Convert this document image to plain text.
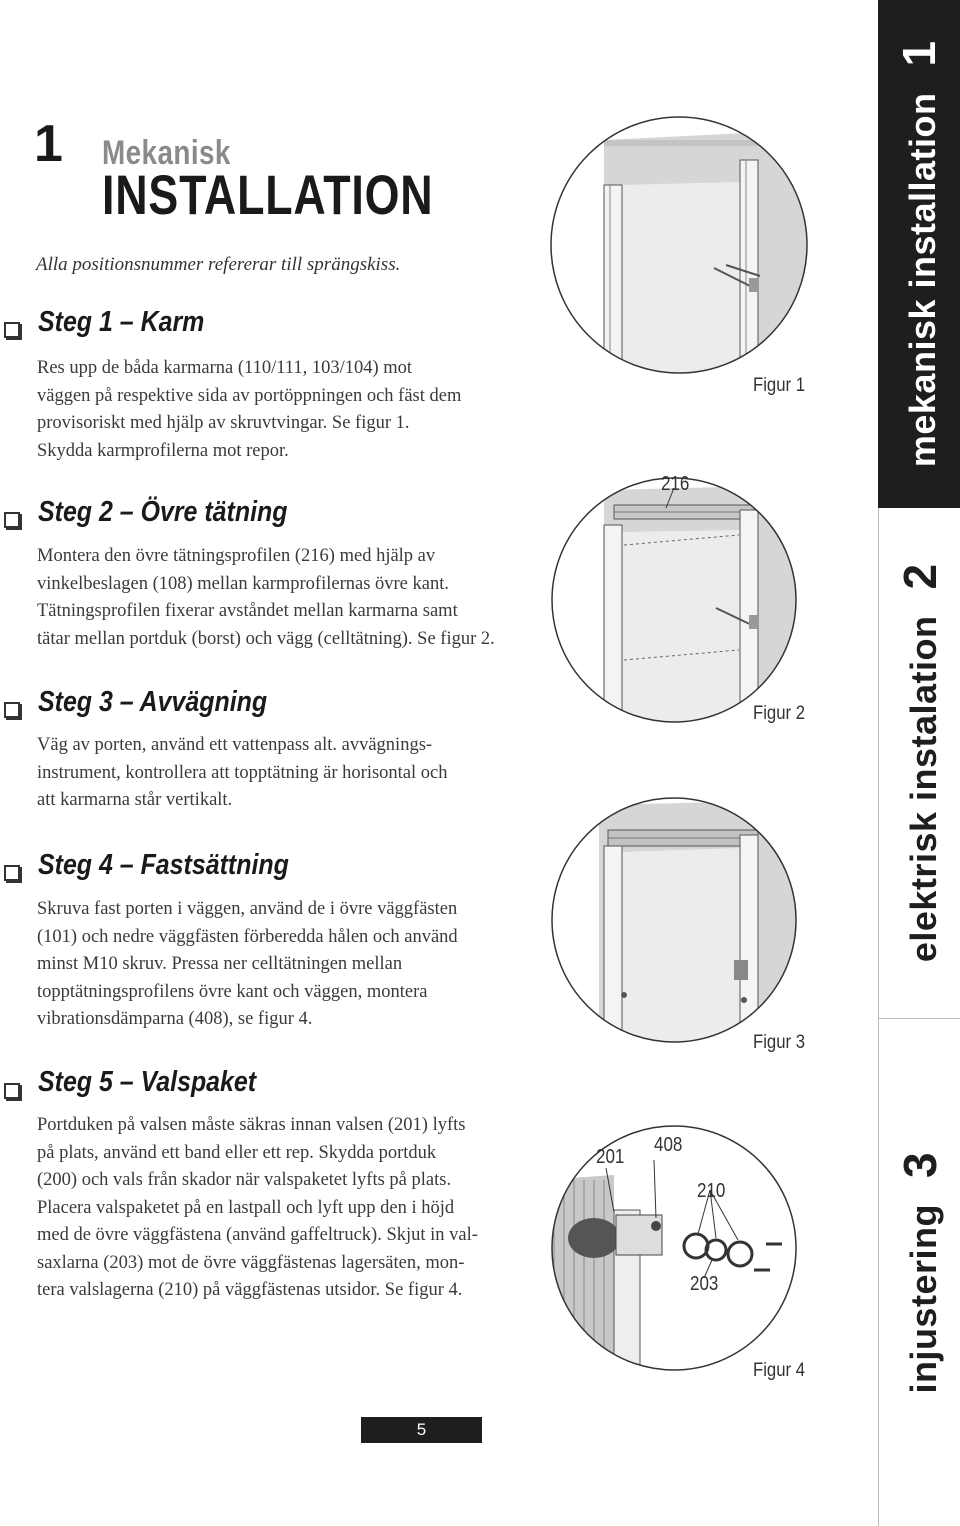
1 Mekanisk
INSTALLATION
Alla positionsnummer refererar till sprängskiss.
Steg 1 – Karm
Res upp de båda karmarna (110/111, 103/104) mot
väggen på respektive sida av portöppningen och fäst dem
provisoriskt med hjälp av skruvtvingar. Se figur 1.
Skydda karmprofilerna mot repor.
Steg 2 – Övre tätning
Montera den övre tätningsprofilen (216) med hjälp av
vinkelbeslagen (108) mellan karmprofilernas övre kant.
Tätningsprofilen fixerar avståndet mellan karmarna samt
tätar mellan portduk (borst) och vägg (celltätning). Se figur 2.
Steg 3 – Avvägning
Väg av porten, använd ett vattenpass alt. avvägnings-
instrument, kontrollera att topptätning är horisontal och
att karmarna står vertikalt.
Steg 4 – Fastsättning
Skruva fast porten i väggen, använd de i övre väggfästen
(101) och nedre väggfästen förberedda hålen och använd
minst M10 skruv. Pressa ner celltätningen mellan
topptätningsprofilens övre kant och väggen, montera
vibrationsdämparna (408), se figur 4.
Steg 5 – Valspaket
Portduken på valsen måste säkras innan valsen (201) lyfts
på plats, använd ett band eller ett rep. Skydda portduk
(200) och vals från skador när valspaketet lyfts på plats.
Placera valspaketet på en lastpall och lyft upp den i höjd
med de övre väggfästena (använd gaffeltruck). Skjut in val-
saxlarna (203) mot de övre väggfästenas lagersäten, mon-
tera valslagerna (210) på väggfästenas utsidor. Se figur 4.
Figur 1
216
Figur 2
Figur 3
201
408
210
203
Figur 4
mekanisk installation1
elektrisk instalation2
injustering3
5
